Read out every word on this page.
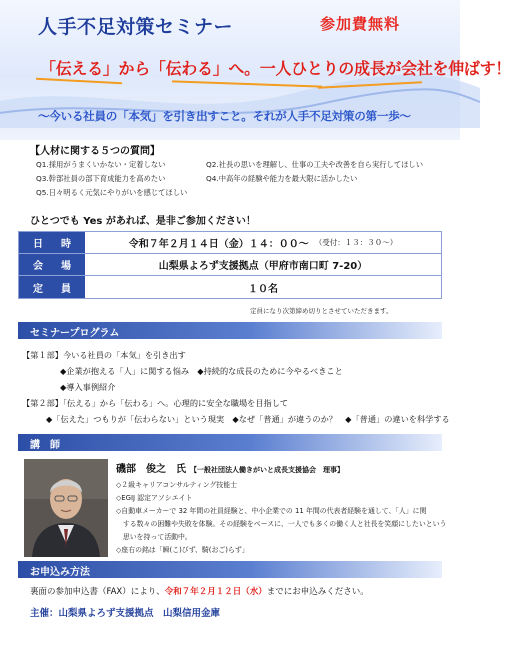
人手不足対策セミナー	参加費無料
「伝える」から「伝わる」へ。一人ひとりの成長が会社を伸ばす！
～今いる社員の「本気」を引き出すこと。それが人手不足対策の第一歩～
【人材に関する５つの質問】
Q1.採用がうまくいかない・定着しない	Q2.社長の思いを理解し、仕事の工夫や改善を自ら実行してほしい
Q3.幹部社員の部下育成能力を高めたい	Q4.中高年の経験や能力を最大限に活かしたい
Q5.日々明るく元気にやりがいを感じてほしい
ひとつでも Yes があれば、是非ご参加ください！
日 時	令和７年２月１４日（金）１４：００～ （受付：１３：３０～）
会 場	山梨県よろず支援拠点（甲府市南口町 7-20）
定 員	１０名
定員になり次第締め切りとさせていただきます。
セミナープログラム
【第１部】今いる社員の「本気」を引き出す
◆企業が抱える「人」に関する悩み　◆持続的な成長のために今やるべきこと
◆導入事例紹介
【第２部】「伝える」から「伝わる」へ。心理的に安全な職場を目指して
◆「伝えた」つもりが「伝わらない」という現実　◆なぜ「普通」が違うのか？　◆「普通」の違いを科学する
講　師
磯部　俊之　氏 【一般社団法人働きがいと成長支援協会　理事】
◇２級キャリアコンサルティング技能士
◇EGIJ 認定アソシエイト
◇自動車メーカーで 32 年間の社員経験と、中小企業での 11 年間の代表者経験を通して、「人」に関
　する数々の困難や失敗を体験。その経験をベースに、一人でも多くの働く人と社長を笑顔にしたいという
　思いを持って活動中。
◇座右の銘は「瞬(こ)びず、騎(おご)らず」
お申込み方法
裏面の参加申込書（FAX）により、令和７年２月１２日（水）までにお申込みください。
主催：山梨県よろず支援拠点　山梨信用金庫
